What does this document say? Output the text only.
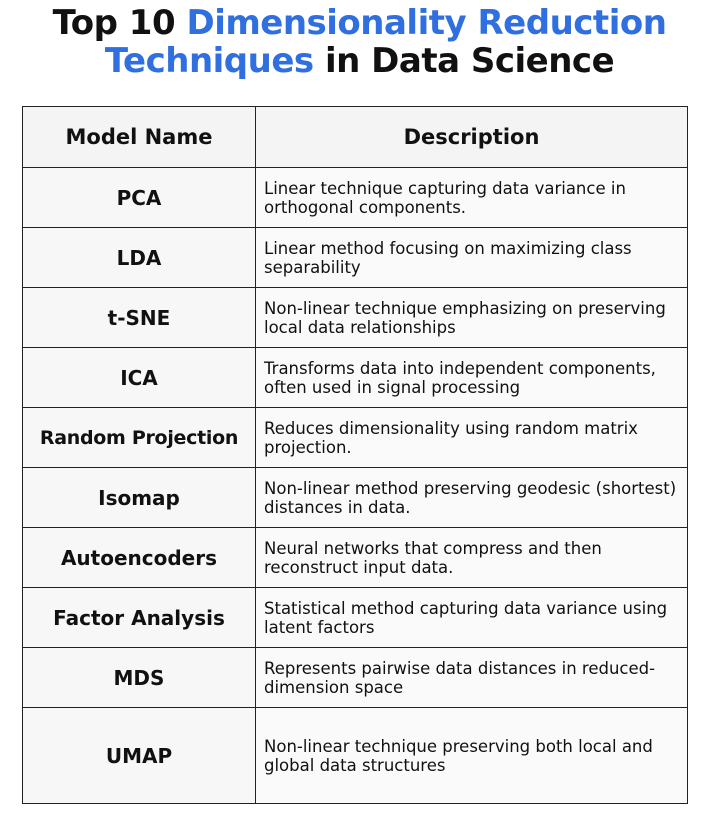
Top 10 Dimensionality Reduction
Techniques in Data Science
Model Name	Description
PCA	Linear technique capturing data variance in orthogonal components.
LDA	Linear method focusing on maximizing class separability
t-SNE	Non-linear technique emphasizing on preserving local data relationships
ICA	Transforms data into independent components, often used in signal processing
Random Projection	Reduces dimensionality using random matrix projection.
Isomap	Non-linear method preserving geodesic (shortest) distances in data.
Autoencoders	Neural networks that compress and then reconstruct input data.
Factor Analysis	Statistical method capturing data variance using latent factors
MDS	Represents pairwise data distances in reduced-dimension space
UMAP	Non-linear technique preserving both local and global data structures
